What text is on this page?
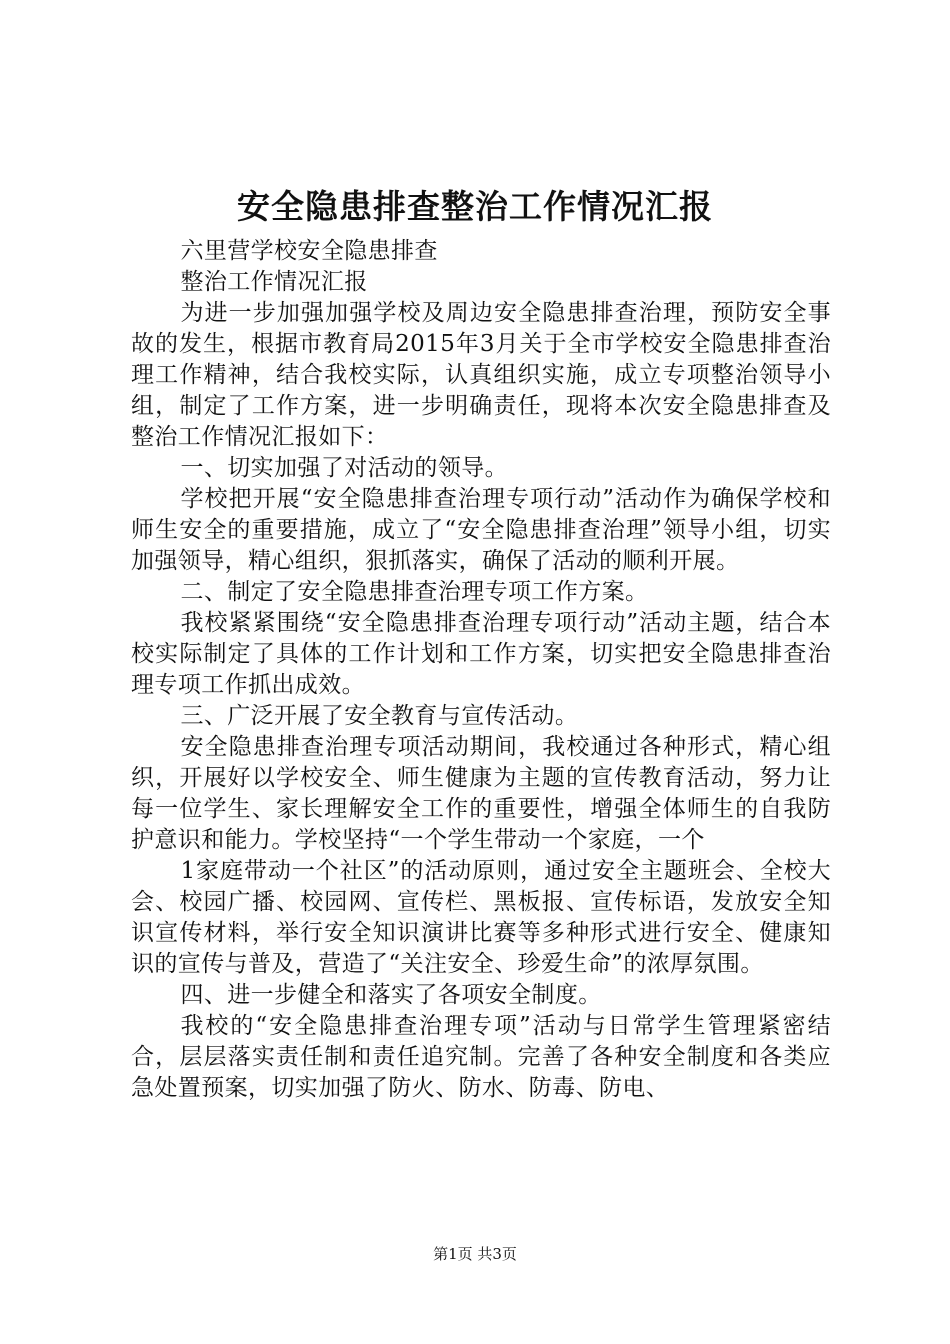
安全隐患排查整治工作情况汇报

六里营学校安全隐患排查

整治工作情况汇报

为进一步加强加强学校及周边安全隐患排查治理，预防安全事故的发生，根据市教育局2015年3月关于全市学校安全隐患排查治理工作精神，结合我校实际，认真组织实施，成立专项整治领导小组，制定了工作方案，进一步明确责任，现将本次安全隐患排查及整治工作情况汇报如下：

一、切实加强了对活动的领导。

学校把开展“安全隐患排查治理专项行动”活动作为确保学校和师生安全的重要措施，成立了“安全隐患排查治理”领导小组，切实加强领导，精心组织，狠抓落实，确保了活动的顺利开展。

二、制定了安全隐患排查治理专项工作方案。

我校紧紧围绕“安全隐患排查治理专项行动”活动主题，结合本校实际制定了具体的工作计划和工作方案，切实把安全隐患排查治理专项工作抓出成效。

三、广泛开展了安全教育与宣传活动。

安全隐患排查治理专项活动期间，我校通过各种形式，精心组织，开展好以学校安全、师生健康为主题的宣传教育活动，努力让每一位学生、家长理解安全工作的重要性，增强全体师生的自我防护意识和能力。学校坚持“一个学生带动一个家庭，一个

1家庭带动一个社区”的活动原则，通过安全主题班会、全校大会、校园广播、校园网、宣传栏、黑板报、宣传标语，发放安全知识宣传材料，举行安全知识演讲比赛等多种形式进行安全、健康知识的宣传与普及，营造了“关注安全、珍爱生命”的浓厚氛围。

四、进一步健全和落实了各项安全制度。

我校的“安全隐患排查治理专项”活动与日常学生管理紧密结合，层层落实责任制和责任追究制。完善了各种安全制度和各类应急处置预案，切实加强了防火、防水、防毒、防电、

第1页 共3页
